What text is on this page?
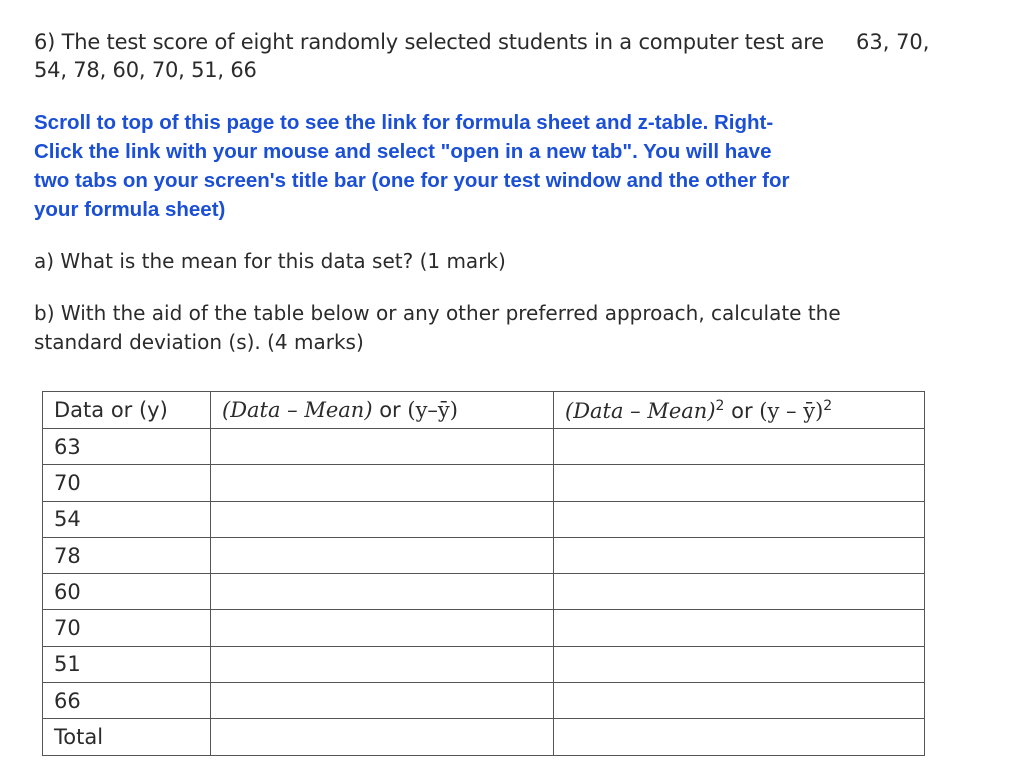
6) The test score of eight randomly selected students in a computer test are 63, 70,
54, 78, 60, 70, 51, 66
Scroll to top of this page to see the link for formula sheet and z-table. Right-
Click the link with your mouse and select "open in a new tab". You will have
two tabs on your screen's title bar (one for your test window and the other for
your formula sheet)
a) What is the mean for this data set? (1 mark)
b) With the aid of the table below or any other preferred approach, calculate the
standard deviation (s). (4 marks)
Data or (y)	(Data – Mean) or (y–ȳ)	(Data – Mean)$^2$ or (y – ȳ)$^2$
63		
70		
54		
78		
60		
70		
51		
66		
Total		
